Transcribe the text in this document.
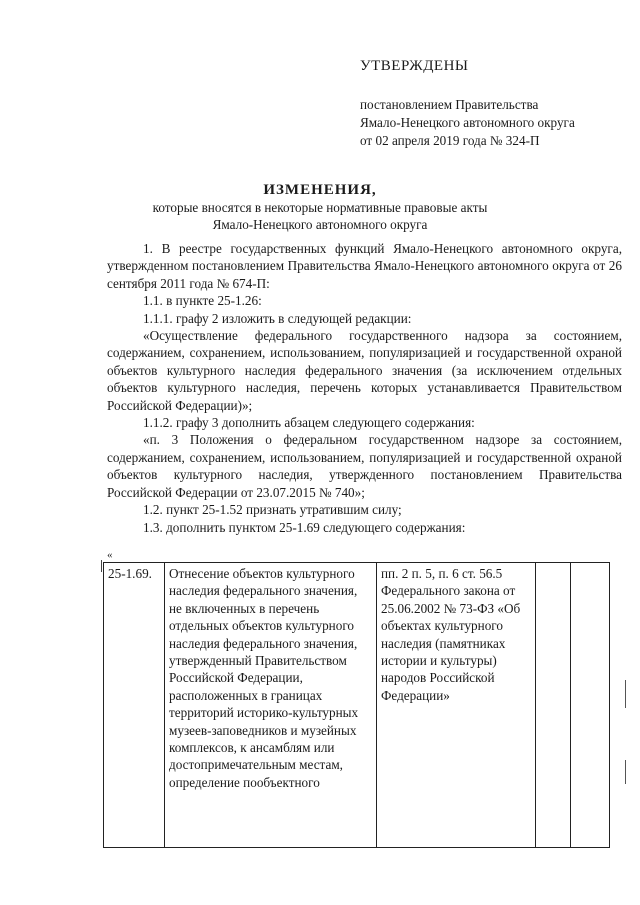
УТВЕРЖДЕНЫ
постановлением Правительства
Ямало-Ненецкого автономного округа
от 02 апреля 2019 года № 324-П
ИЗМЕНЕНИЯ,
которые вносятся в некоторые нормативные правовые акты
Ямало-Ненецкого автономного округа

1. В реестре государственных функций Ямало-Ненецкого автономного округа, утвержденном постановлением Правительства Ямало-Ненецкого автономного округа от 26 сентября 2011 года № 674-П:

1.1. в пункте 25-1.26:

1.1.1. графу 2 изложить в следующей редакции:

«Осуществление федерального государственного надзора за состоянием, содержанием, сохранением, использованием, популяризацией и государственной охраной объектов культурного наследия федерального значения (за исключением отдельных объектов культурного наследия, перечень которых устанавливается Правительством Российской Федерации)»;

1.1.2. графу 3 дополнить абзацем следующего содержания:

«п. 3 Положения о федеральном государственном надзоре за состоянием, содержанием, сохранением, использованием, популяризацией и государственной охраной объектов культурного наследия, утвержденного постановлением Правительства Российской Федерации от 23.07.2015 № 740»;

1.2. пункт 25-1.52 признать утратившим силу;

1.3. дополнить пунктом 25-1.69 следующего содержания:

«
25-1.69.	Отнесение объектов культурного наследия федерального значения, не включенных в перечень отдельных объектов культурного наследия федерального значения, утвержденный Правительством Российской Федерации, расположенных в границах территорий историко-культурных музеев-заповедников и музейных комплексов, к ансамблям или достопримечательным местам, определение пообъектного	пп. 2 п. 5, п. 6 ст. 56.5 Федерального закона от 25.06.2002 № 73-ФЗ «Об объектах культурного наследия (памятниках истории и культуры) народов Российской Федерации»		
